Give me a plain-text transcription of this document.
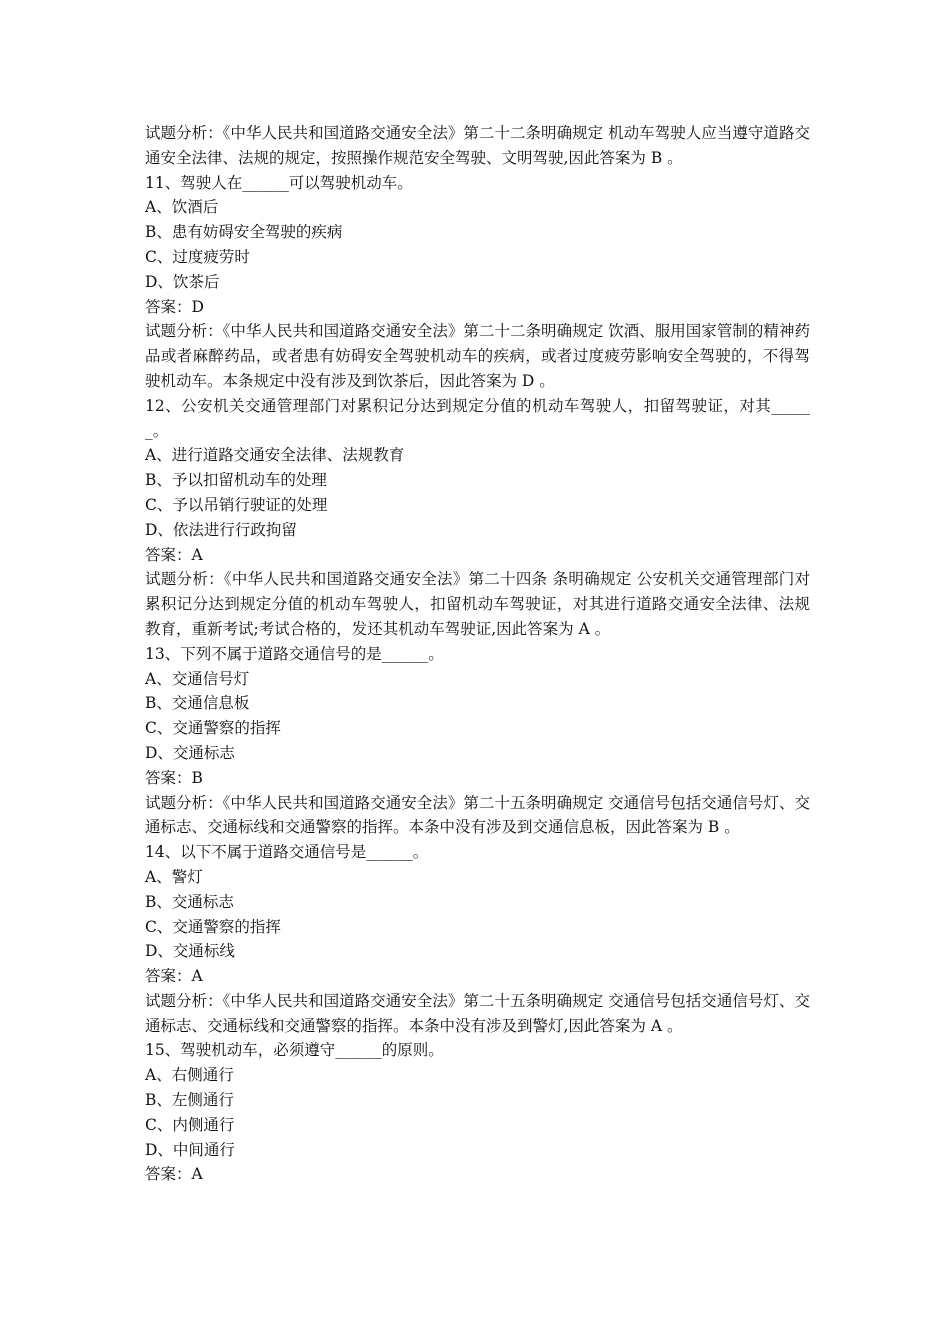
试题分析：《中华人民共和国道路交通安全法》第二十二条明确规定 机动车驾驶人应当遵守道路交通安全法律、法规的规定，按照操作规范安全驾驶、文明驾驶,因此答案为 B 。
11、驾驶人在______可以驾驶机动车。
A、饮酒后
B、患有妨碍安全驾驶的疾病
C、过度疲劳时
D、饮茶后
答案：D
试题分析：《中华人民共和国道路交通安全法》第二十二条明确规定 饮酒、服用国家管制的精神药品或者麻醉药品，或者患有妨碍安全驾驶机动车的疾病，或者过度疲劳影响安全驾驶的，不得驾驶机动车。本条规定中没有涉及到饮茶后，因此答案为 D 。
12、公安机关交通管理部门对累积记分达到规定分值的机动车驾驶人，扣留驾驶证，对其______。
A、进行道路交通安全法律、法规教育
B、予以扣留机动车的处理
C、予以吊销行驶证的处理
D、依法进行行政拘留
答案：A
试题分析：《中华人民共和国道路交通安全法》第二十四条 条明确规定 公安机关交通管理部门对累积记分达到规定分值的机动车驾驶人，扣留机动车驾驶证，对其进行道路交通安全法律、法规教育，重新考试;考试合格的，发还其机动车驾驶证,因此答案为 A 。
13、下列不属于道路交通信号的是______。
A、交通信号灯
B、交通信息板
C、交通警察的指挥
D、交通标志
答案：B
试题分析：《中华人民共和国道路交通安全法》第二十五条明确规定 交通信号包括交通信号灯、交通标志、交通标线和交通警察的指挥。本条中没有涉及到交通信息板，因此答案为 B 。
14、以下不属于道路交通信号是______。
A、警灯
B、交通标志
C、交通警察的指挥
D、交通标线
答案：A
试题分析：《中华人民共和国道路交通安全法》第二十五条明确规定 交通信号包括交通信号灯、交通标志、交通标线和交通警察的指挥。本条中没有涉及到警灯,因此答案为 A 。
15、驾驶机动车，必须遵守______的原则。
A、右侧通行
B、左侧通行
C、内侧通行
D、中间通行
答案：A
